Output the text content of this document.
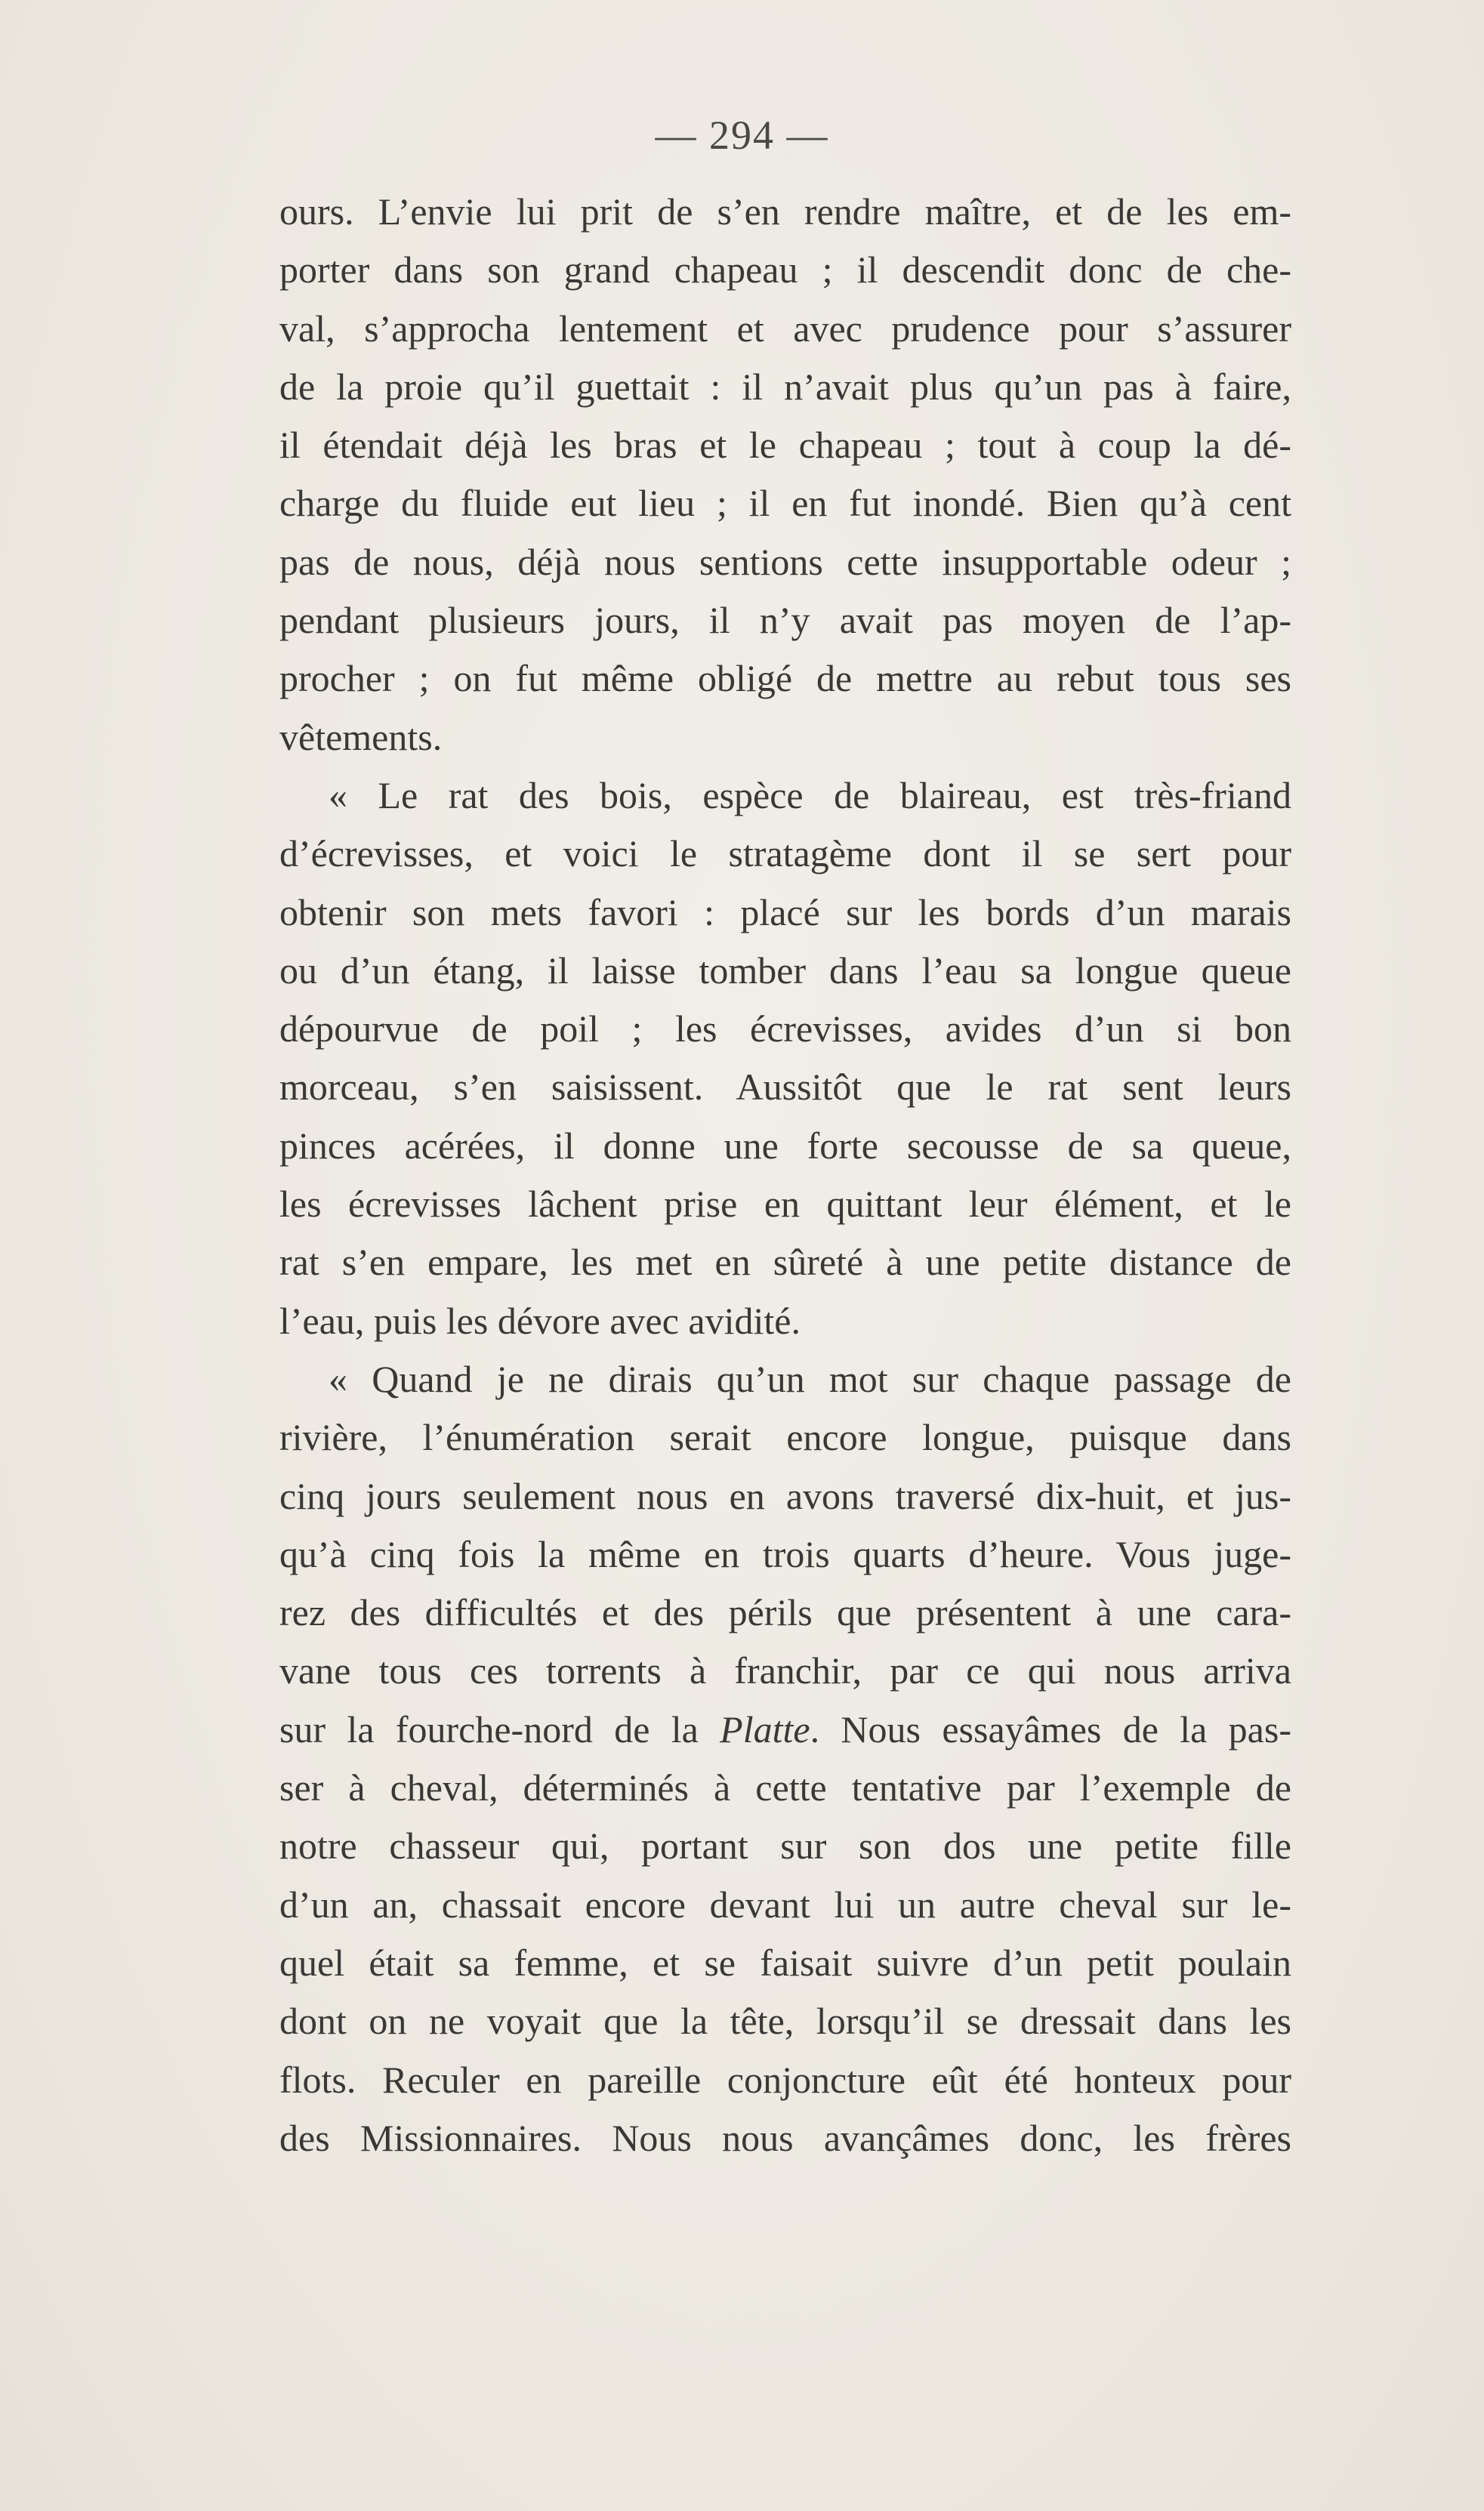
— 294 —
ours. L’envie lui prit de s’en rendre maître, et de les em-
porter dans son grand chapeau ; il descendit donc de che-
val, s’approcha lentement et avec prudence pour s’assurer
de la proie qu’il guettait : il n’avait plus qu’un pas à faire,
il étendait déjà les bras et le chapeau ; tout à coup la dé-
charge du fluide eut lieu ; il en fut inondé. Bien qu’à cent
pas de nous, déjà nous sentions cette insupportable odeur ;
pendant plusieurs jours, il n’y avait pas moyen de l’ap-
procher ; on fut même obligé de mettre au rebut tous ses
vêtements.
« Le rat des bois, espèce de blaireau, est très-friand
d’écrevisses, et voici le stratagème dont il se sert pour
obtenir son mets favori : placé sur les bords d’un marais
ou d’un étang, il laisse tomber dans l’eau sa longue queue
dépourvue de poil ; les écrevisses, avides d’un si bon
morceau, s’en saisissent. Aussitôt que le rat sent leurs
pinces acérées, il donne une forte secousse de sa queue,
les écrevisses lâchent prise en quittant leur élément, et le
rat s’en empare, les met en sûreté à une petite distance de
l’eau, puis les dévore avec avidité.
« Quand je ne dirais qu’un mot sur chaque passage de
rivière, l’énumération serait encore longue, puisque dans
cinq jours seulement nous en avons traversé dix-huit, et jus-
qu’à cinq fois la même en trois quarts d’heure. Vous juge-
rez des difficultés et des périls que présentent à une cara-
vane tous ces torrents à franchir, par ce qui nous arriva
sur la fourche-nord de la Platte. Nous essayâmes de la pas-
ser à cheval, déterminés à cette tentative par l’exemple de
notre chasseur qui, portant sur son dos une petite fille
d’un an, chassait encore devant lui un autre cheval sur le-
quel était sa femme, et se faisait suivre d’un petit poulain
dont on ne voyait que la tête, lorsqu’il se dressait dans les
flots. Reculer en pareille conjoncture eût été honteux pour
des Missionnaires. Nous nous avançâmes donc, les frères
